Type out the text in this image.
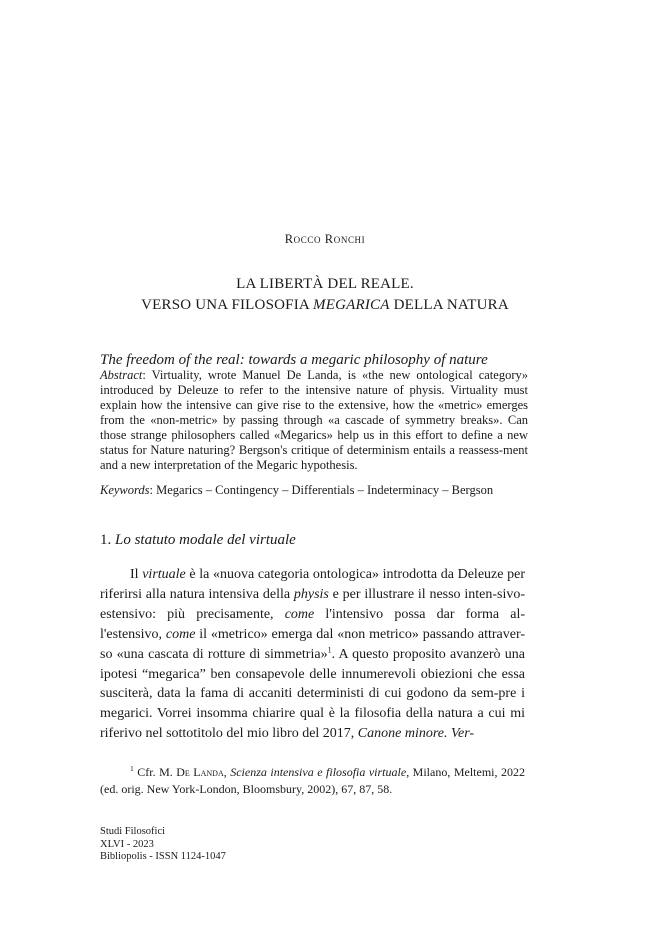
Rocco Ronchi
LA LIBERTÀ DEL REALE.
VERSO UNA FILOSOFIA MEGARICA DELLA NATURA
The freedom of the real: towards a megaric philosophy of nature
Abstract: Virtuality, wrote Manuel De Landa, is «the new ontological category» introduced by Deleuze to refer to the intensive nature of physis. Virtuality must explain how the intensive can give rise to the extensive, how the «metric» emerges from the «non-metric» by passing through «a cascade of symmetry breaks». Can those strange philosophers called «Megarics» help us in this effort to define a new status for Nature naturing? Bergson's critique of determinism entails a reassess-ment and a new interpretation of the Megaric hypothesis.
Keywords: Megarics – Contingency – Differentials – Indeterminacy – Bergson
1. Lo statuto modale del virtuale

Il virtuale è la «nuova categoria ontologica» introdotta da Deleuze per riferirsi alla natura intensiva della physis e per illustrare il nesso inten-sivo-estensivo: più precisamente, come l'intensivo possa dar forma al-l'estensivo, come il «metrico» emerga dal «non metrico» passando attraver-so «una cascata di rotture di simmetria»$^1$. A questo proposito avanzerò una ipotesi “megarica” ben consapevole delle innumerevoli obiezioni che essa susciterà, data la fama di accaniti deterministi di cui godono da sem-pre i megarici. Vorrei insomma chiarire qual è la filosofia della natura a cui mi riferivo nel sottotitolo del mio libro del 2017, Canone minore. Ver-

$^1$ Cfr. M. De Landa, Scienza intensiva e filosofia virtuale, Milano, Meltemi, 2022 (ed. orig. New York-London, Bloomsbury, 2002), 67, 87, 58.

Studi Filosofici
XLVI - 2023
Bibliopolis - ISSN 1124-1047
